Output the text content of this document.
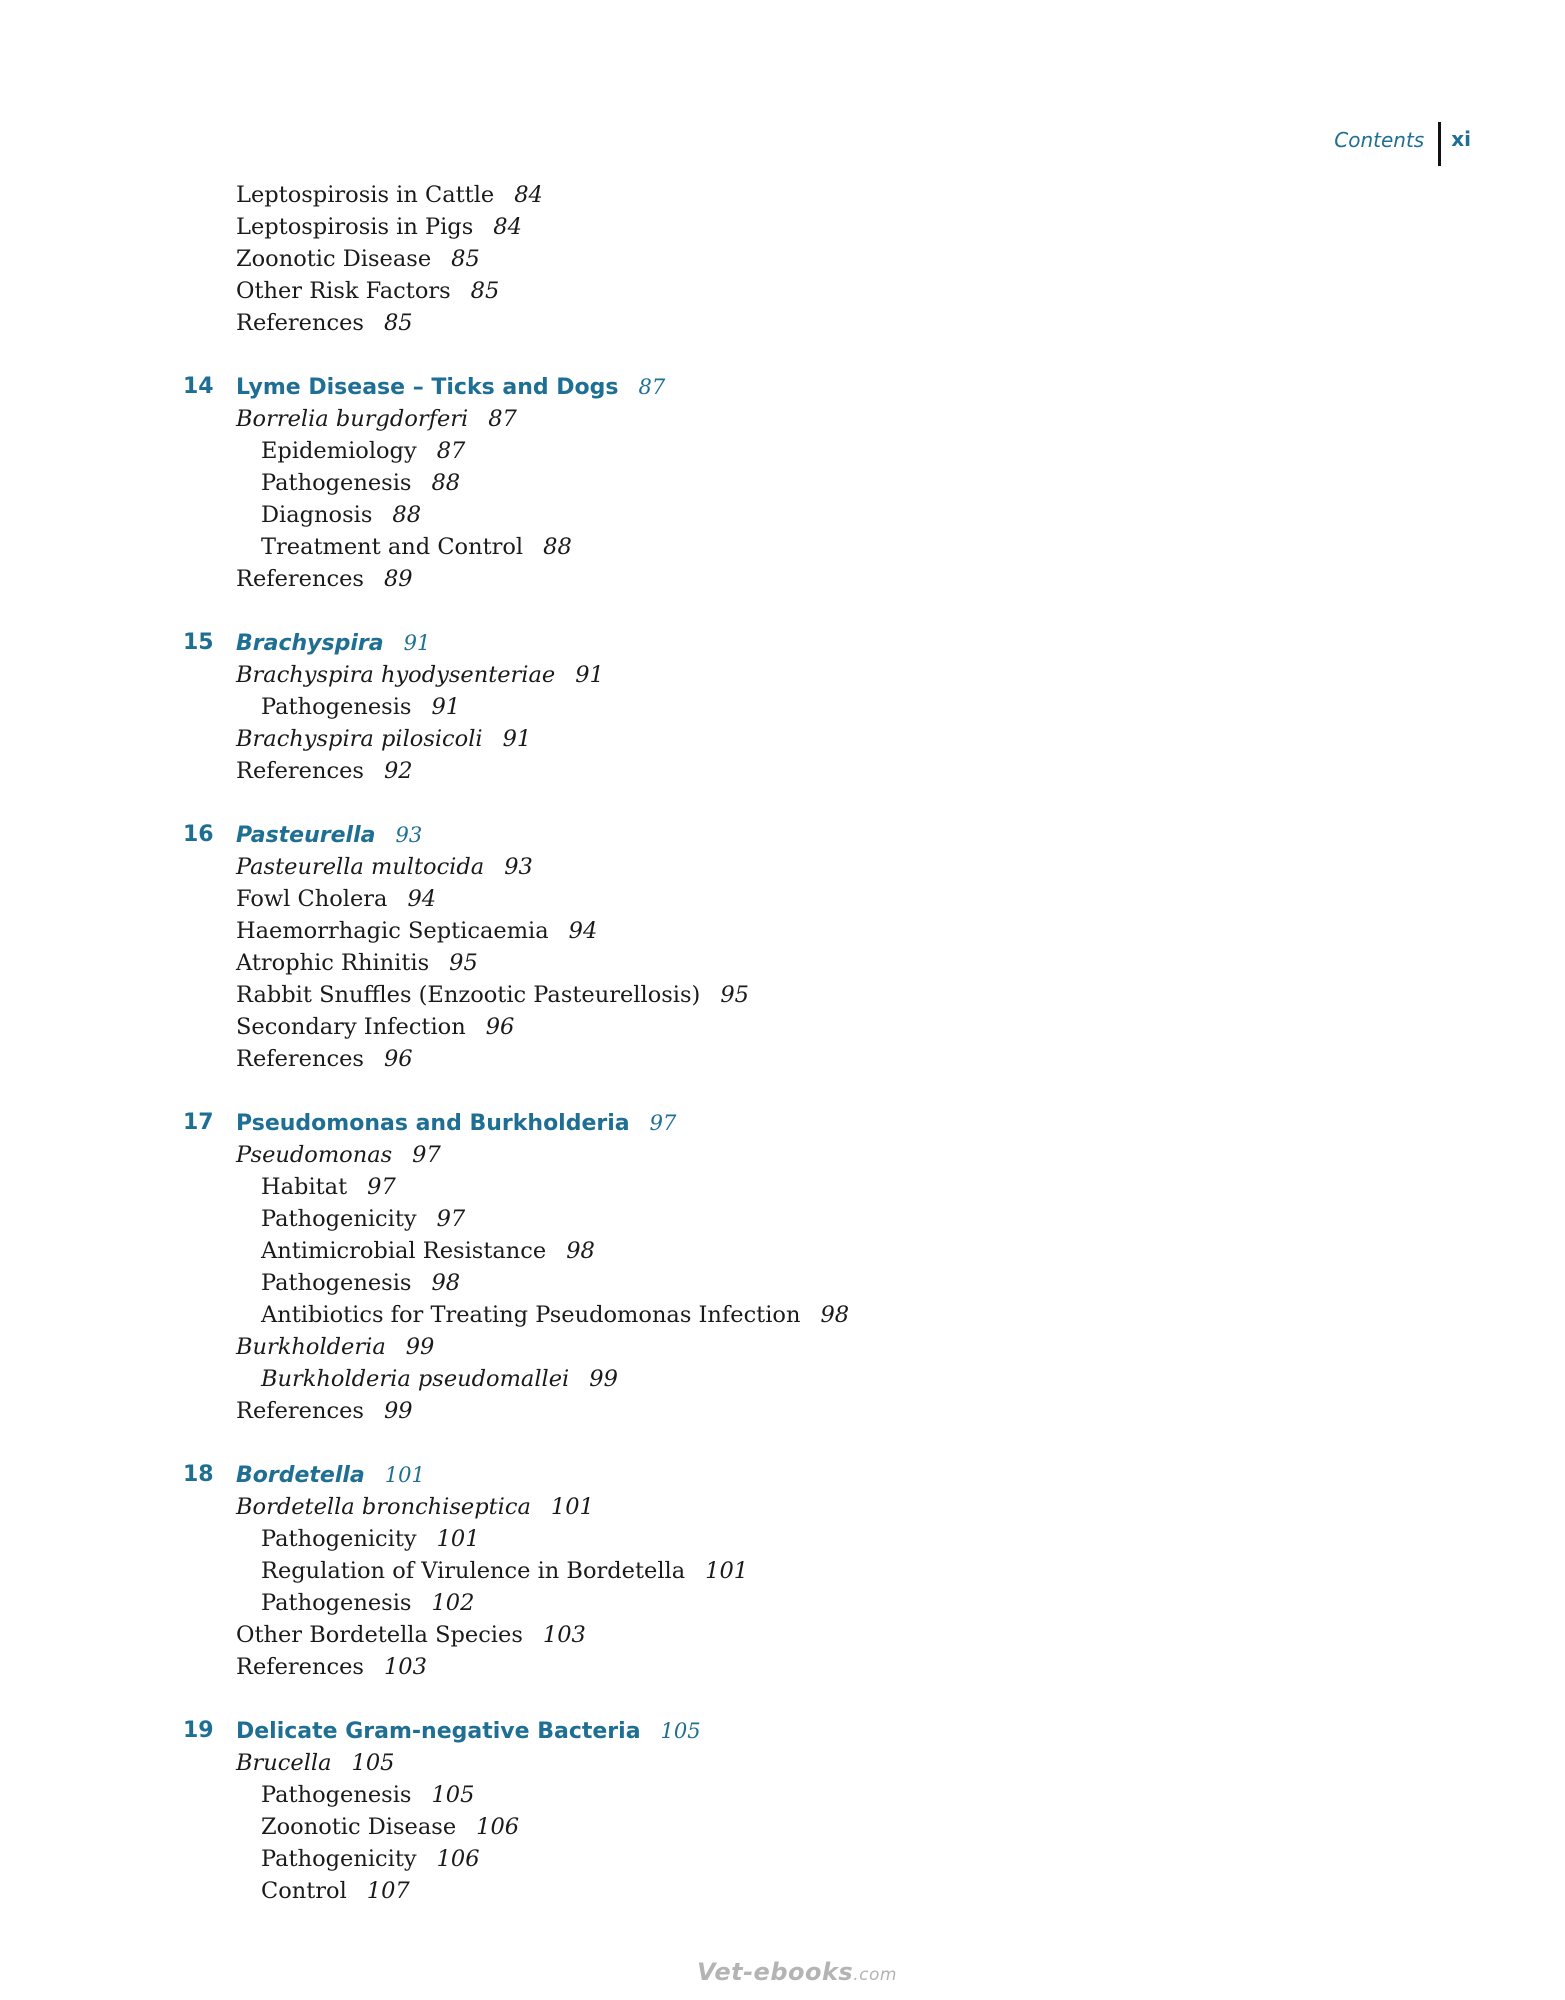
Contents xi
Leptospirosis in Cattle 84
Leptospirosis in Pigs 84
Zoonotic Disease 85
Other Risk Factors 85
References 85
14 Lyme Disease – Ticks and Dogs 87
Borrelia burgdorferi 87
Epidemiology 87
Pathogenesis 88
Diagnosis 88
Treatment and Control 88
References 89
15 Brachyspira 91
Brachyspira hyodysenteriae 91
Pathogenesis 91
Brachyspira pilosicoli 91
References 92
16 Pasteurella 93
Pasteurella multocida 93
Fowl Cholera 94
Haemorrhagic Septicaemia 94
Atrophic Rhinitis 95
Rabbit Snuffles (Enzootic Pasteurellosis) 95
Secondary Infection 96
References 96
17 Pseudomonas and Burkholderia 97
Pseudomonas 97
Habitat 97
Pathogenicity 97
Antimicrobial Resistance 98
Pathogenesis 98
Antibiotics for Treating Pseudomonas Infection 98
Burkholderia 99
Burkholderia pseudomallei 99
References 99
18 Bordetella 101
Bordetella bronchiseptica 101
Pathogenicity 101
Regulation of Virulence in Bordetella 101
Pathogenesis 102
Other Bordetella Species 103
References 103
19 Delicate Gram-negative Bacteria 105
Brucella 105
Pathogenesis 105
Zoonotic Disease 106
Pathogenicity 106
Control 107
Vet-ebooks.com
